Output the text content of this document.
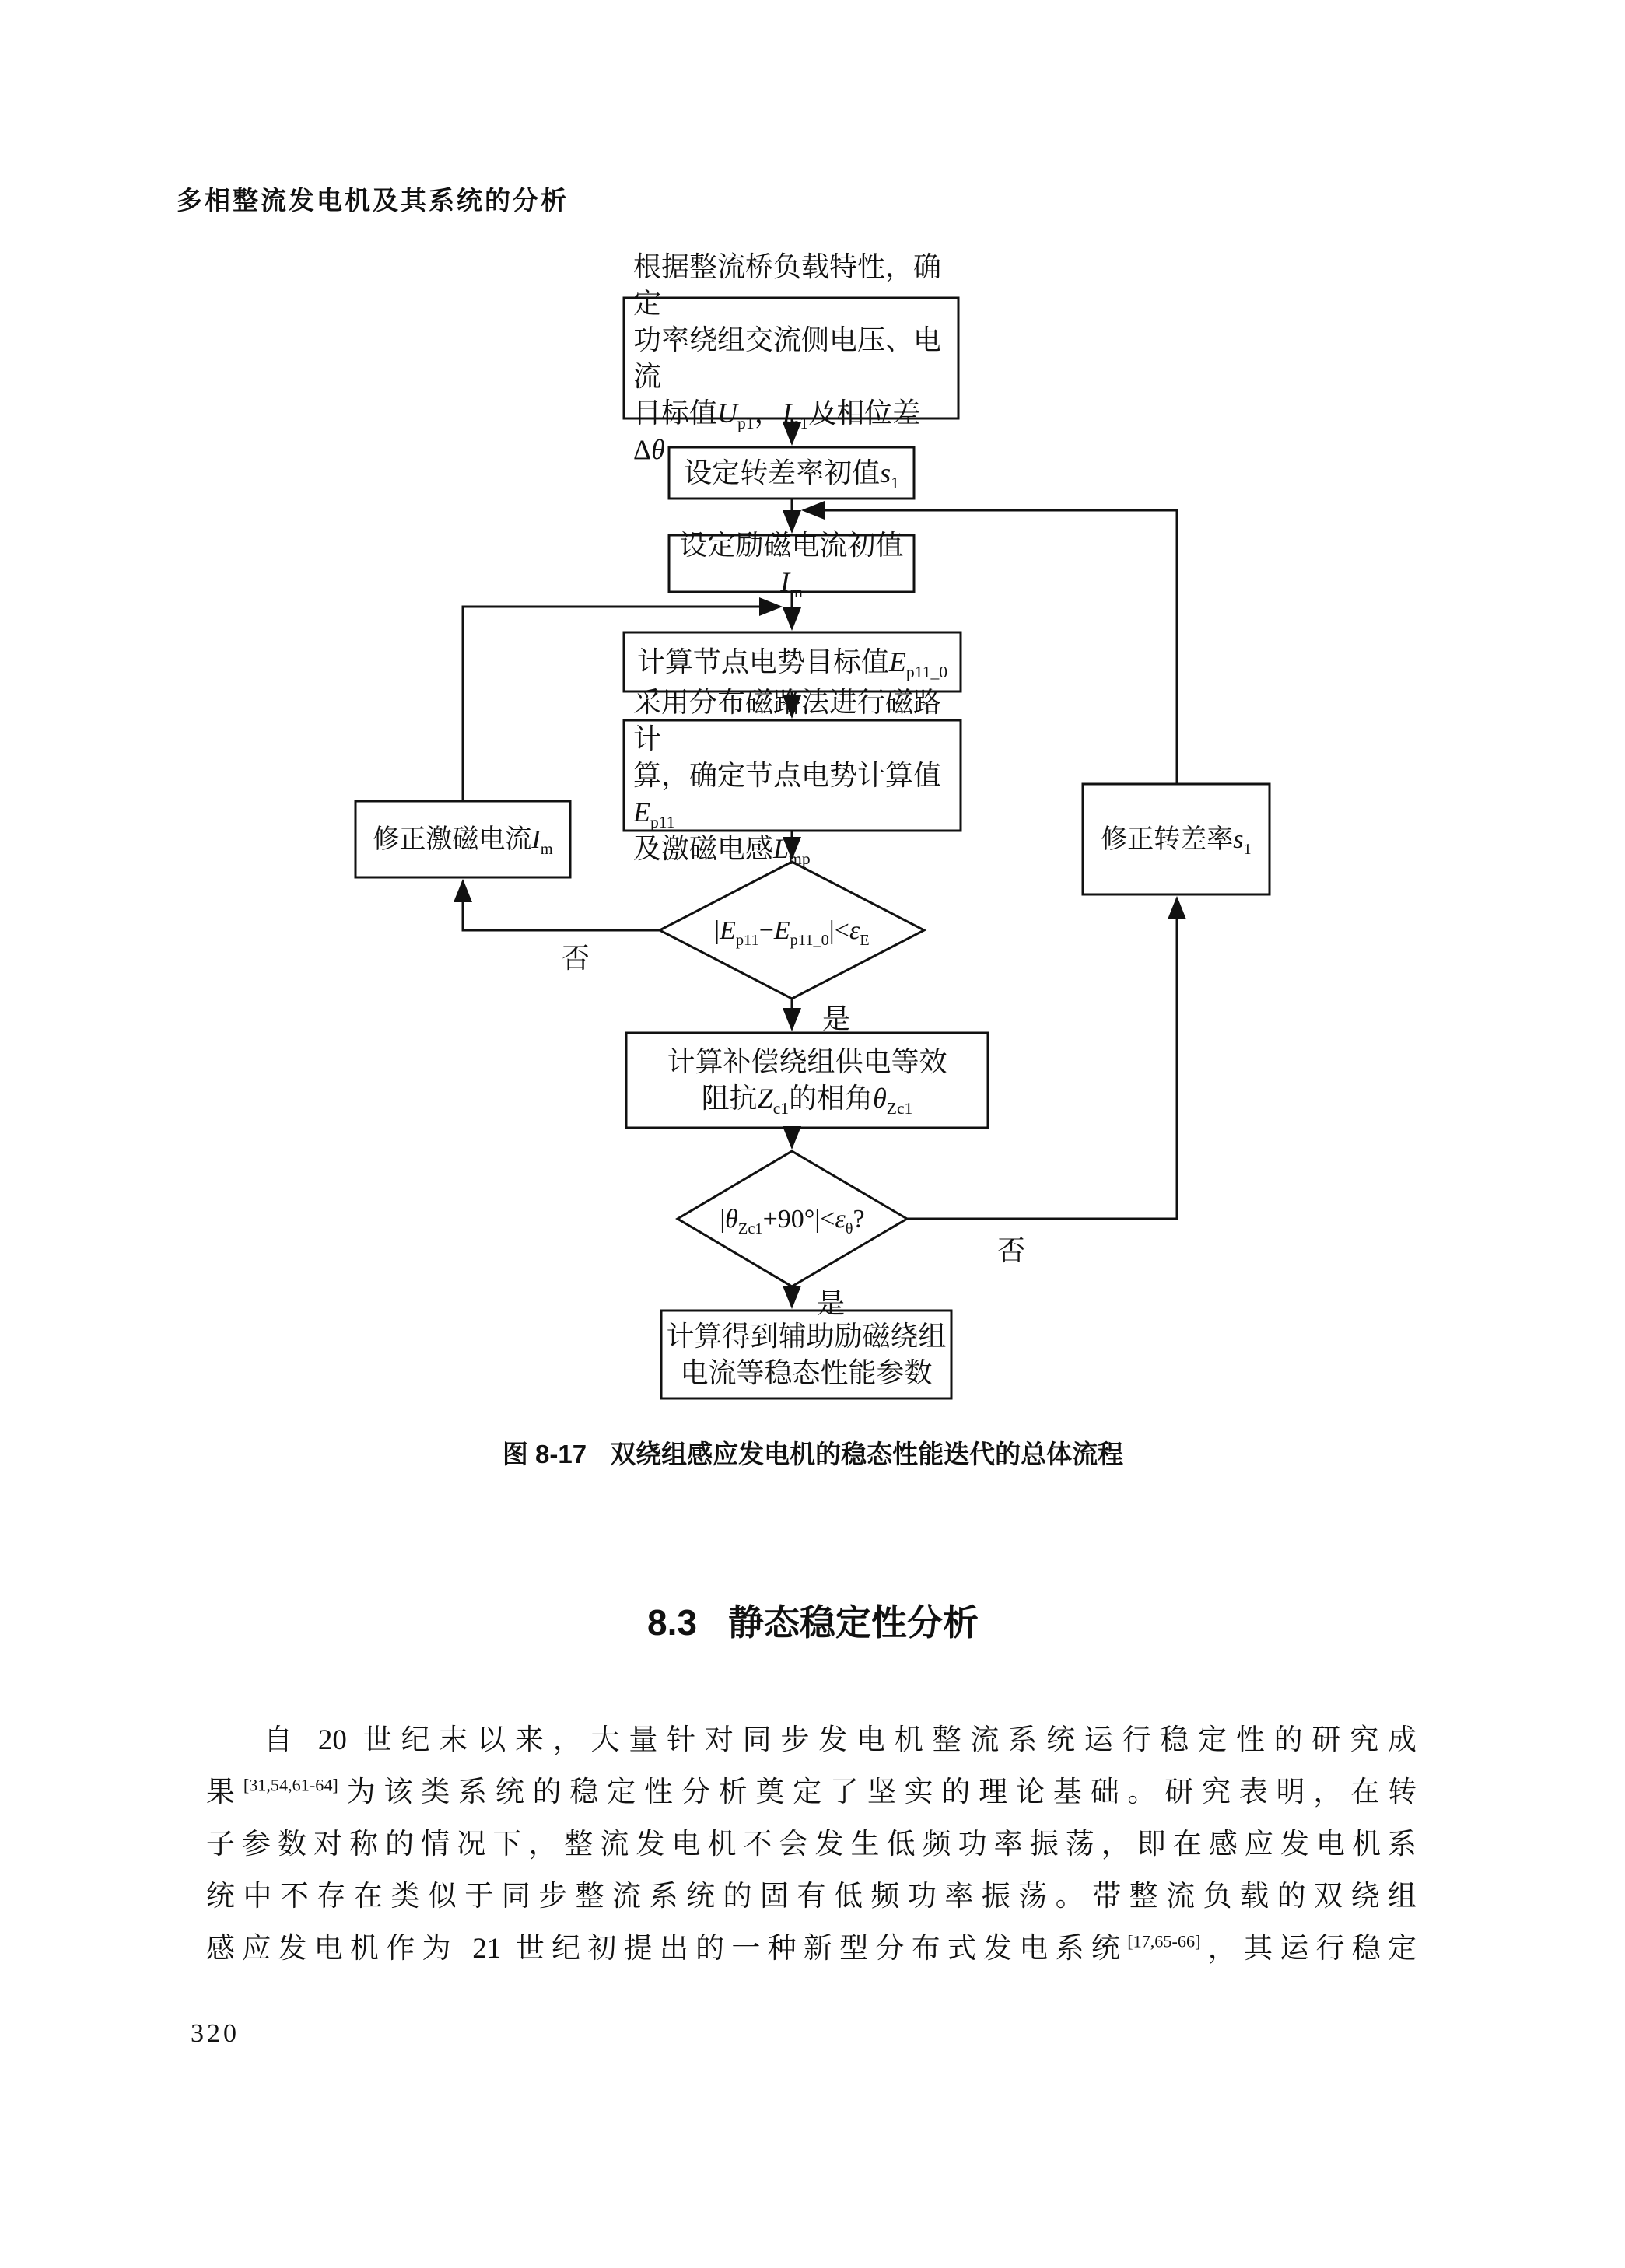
多相整流发电机及其系统的分析
根据整流桥负载特性，确定
功率绕组交流侧电压、电流
目标值$U_{p1}$，$I_{p1}$及相位差Δθ
设定转差率初值$s_1$
设定励磁电流初值$I_m$
计算节点电势目标值$E_{p11\_0}$
采用分布磁路法进行磁路计
算，确定节点电势计算值$E_{p11}$
及激磁电感$L_{mp}$
修正激磁电流$I_m$	修正转差率$s_1$
$|E_{p11}-E_{p11\_0}|<\varepsilon_E$
计算补偿绕组供电等效
阻抗$Z_{c1}$的相角$\theta_{Zc1}$
$|\theta_{Zc1}+90^\circ|<\varepsilon_\theta$?
计算得到辅助励磁绕组
电流等稳态性能参数
否
是
否
是
图 8-17 双绕组感应发电机的稳态性能迭代的总体流程
8.3 静态稳定性分析
自 20 世纪末以来，大量针对同步发电机整流系统运行稳定性的研究成
果[31,54,61-64]为该类系统的稳定性分析奠定了坚实的理论基础。研究表明，在转
子参数对称的情况下，整流发电机不会发生低频功率振荡，即在感应发电机系
统中不存在类似于同步整流系统的固有低频功率振荡。带整流负载的双绕组
感应发电机作为 21 世纪初提出的一种新型分布式发电系统[17,65-66]，其运行稳定
320
